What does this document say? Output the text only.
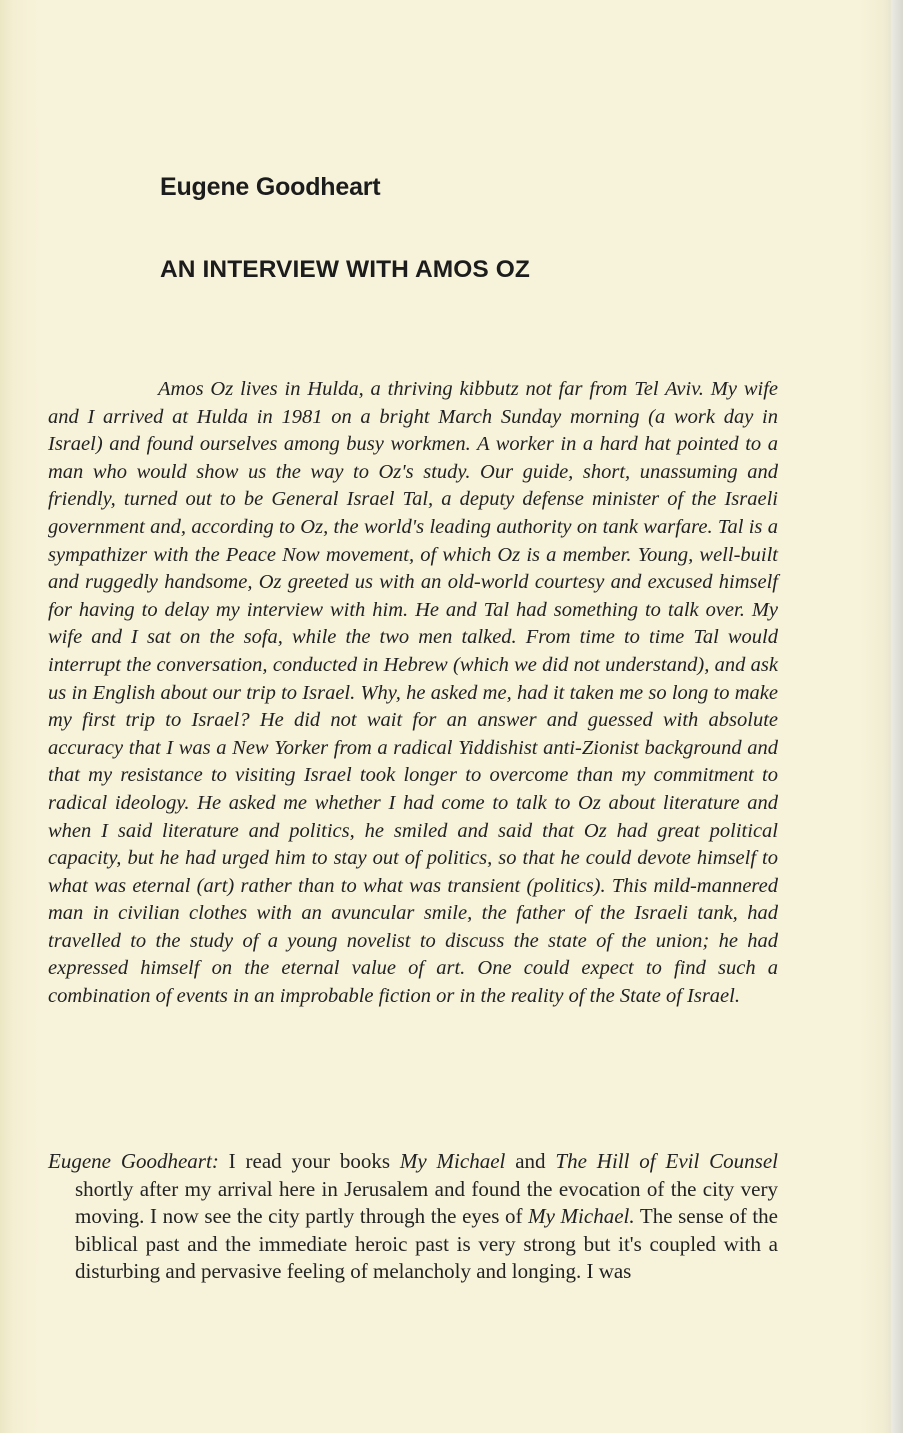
Eugene Goodheart
AN INTERVIEW WITH AMOS OZ

Amos Oz lives in Hulda, a thriving kibbutz not far from Tel Aviv. My wife and I arrived at Hulda in 1981 on a bright March Sunday morning (a work day in Israel) and found ourselves among busy workmen. A worker in a hard hat pointed to a man who would show us the way to Oz's study. Our guide, short, unassuming and friendly, turned out to be General Israel Tal, a deputy defense minister of the Israeli government and, according to Oz, the world's leading authority on tank warfare. Tal is a sympathizer with the Peace Now movement, of which Oz is a member. Young, well-built and ruggedly handsome, Oz greeted us with an old-world courtesy and excused himself for having to delay my interview with him. He and Tal had something to talk over. My wife and I sat on the sofa, while the two men talked. From time to time Tal would interrupt the conversation, conducted in Hebrew (which we did not understand), and ask us in English about our trip to Israel. Why, he asked me, had it taken me so long to make my first trip to Israel? He did not wait for an answer and guessed with absolute accuracy that I was a New Yorker from a radical Yiddishist anti-Zionist background and that my resistance to visiting Israel took longer to overcome than my commitment to radical ideology. He asked me whether I had come to talk to Oz about literature and when I said literature and politics, he smiled and said that Oz had great political capacity, but he had urged him to stay out of politics, so that he could devote himself to what was eternal (art) rather than to what was transient (politics). This mild-mannered man in civilian clothes with an avuncular smile, the father of the Israeli tank, had travelled to the study of a young novelist to discuss the state of the union; he had expressed himself on the eternal value of art. One could expect to find such a combination of events in an improbable fiction or in the reality of the State of Israel.

Eugene Goodheart: I read your books My Michael and The Hill of Evil Counsel shortly after my arrival here in Jerusalem and found the evocation of the city very moving. I now see the city partly through the eyes of My Michael. The sense of the biblical past and the immediate heroic past is very strong but it's coupled with a disturbing and pervasive feeling of melancholy and longing. I was
